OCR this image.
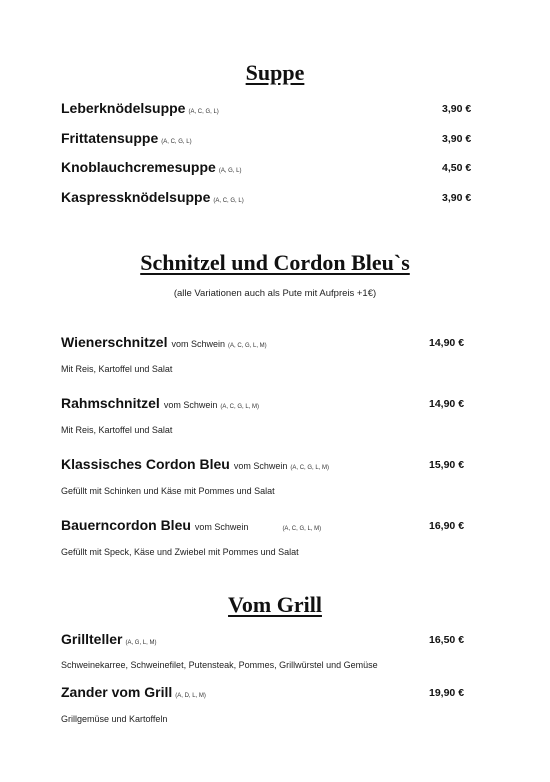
Suppe
Leberknödelsuppe (A, C, G, L)	3,90 €
Frittatensuppe (A, C, G, L)	3,90 €
Knoblauchcremesuppe (A, G, L)	4,50 €
Kaspressknödelsuppe (A, C, G, L)	3,90 €
Schnitzel und Cordon Bleu`s
(alle Variationen auch als Pute mit Aufpreis +1€)
Wienerschnitzel vom Schwein (A, C, G, L, M)	14,90 €
Mit Reis, Kartoffel und Salat
Rahmschnitzel vom Schwein (A, C, G, L, M)	14,90 €
Mit Reis, Kartoffel und Salat
Klassisches Cordon Bleu vom Schwein (A, C, G, L, M)	15,90 €
Gefüllt mit Schinken und Käse mit Pommes und Salat
Bauerncordon Bleu vom Schwein	(A, C, G, L, M)	16,90 €
Gefüllt mit Speck, Käse und Zwiebel mit Pommes und Salat
Vom Grill
Grillteller (A, G, L, M)	16,50 €
Schweinekarree, Schweinefilet, Putensteak, Pommes, Grillwürstel und Gemüse
Zander vom Grill (A, D, L, M)	19,90 €
Grillgemüse und Kartoffeln
